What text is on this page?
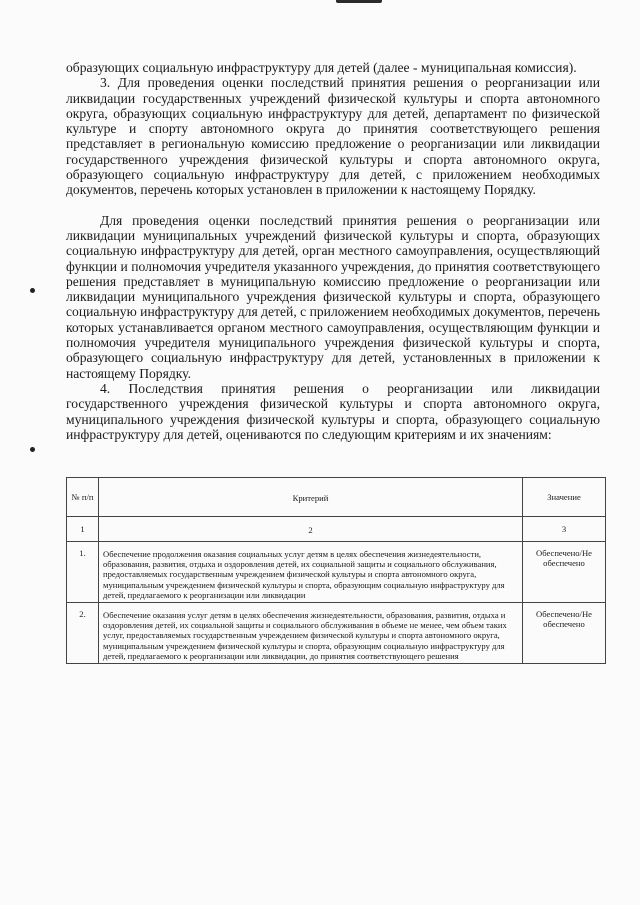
образующих социальную инфраструктуру для детей (далее - муниципальная комиссия).

3. Для проведения оценки последствий принятия решения о реорганизации или ликвидации государственных учреждений физической культуры и спорта автономного округа, образующих социальную инфраструктуру для детей, департамент по физической культуре и спорту автономного округа до принятия соответствующего решения представляет в региональную комиссию предложение о реорганизации или ликвидации государственного учреждения физической культуры и спорта автономного округа, образующего социальную инфраструктуру для детей, с приложением необходимых документов, перечень которых установлен в приложении к настоящему Порядку.

Для проведения оценки последствий принятия решения о реорганизации или ликвидации муниципальных учреждений физической культуры и спорта, образующих социальную инфраструктуру для детей, орган местного самоуправления, осуществляющий функции и полномочия учредителя указанного учреждения, до принятия соответствующего решения представляет в муниципальную комиссию предложение о реорганизации или ликвидации муниципального учреждения физической культуры и спорта, образующего социальную инфраструктуру для детей, с приложением необходимых документов, перечень которых устанавливается органом местного самоуправления, осуществляющим функции и полномочия учредителя муниципального учреждения физической культуры и спорта, образующего социальную инфраструктуру для детей, установленных в приложении к настоящему Порядку.

4. Последствия принятия решения о реорганизации или ликвидации государственного учреждения физической культуры и спорта автономного округа, муниципального учреждения физической культуры и спорта, образующего социальную инфраструктуру для детей, оцениваются по следующим критериям и их значениям:

№ п/п	Критерий	Значение
1	2	3
1.	Обеспечение продолжения оказания социальных услуг детям в целях обеспечения жизнедеятельности, образования, развития, отдыха и оздоровления детей, их социальной защиты и социального обслуживания, предоставляемых государственным учреждением физической культуры и спорта автономного округа, муниципальным учреждением физической культуры и спорта, образующим социальную инфраструктуру для детей, предлагаемого к реорганизации или ликвидации	Обеспечено/Не обеспечено
2.	Обеспечение оказания услуг детям в целях обеспечения жизнедеятельности, образования, развития, отдыха и оздоровления детей, их социальной защиты и социального обслуживания в объеме не менее, чем объем таких услуг, предоставляемых государственным учреждением физической культуры и спорта автономного округа, муниципальным учреждением физической культуры и спорта, образующим социальную инфраструктуру для детей, предлагаемого к реорганизации или ликвидации, до принятия соответствующего решения	Обеспечено/Не обеспечено
